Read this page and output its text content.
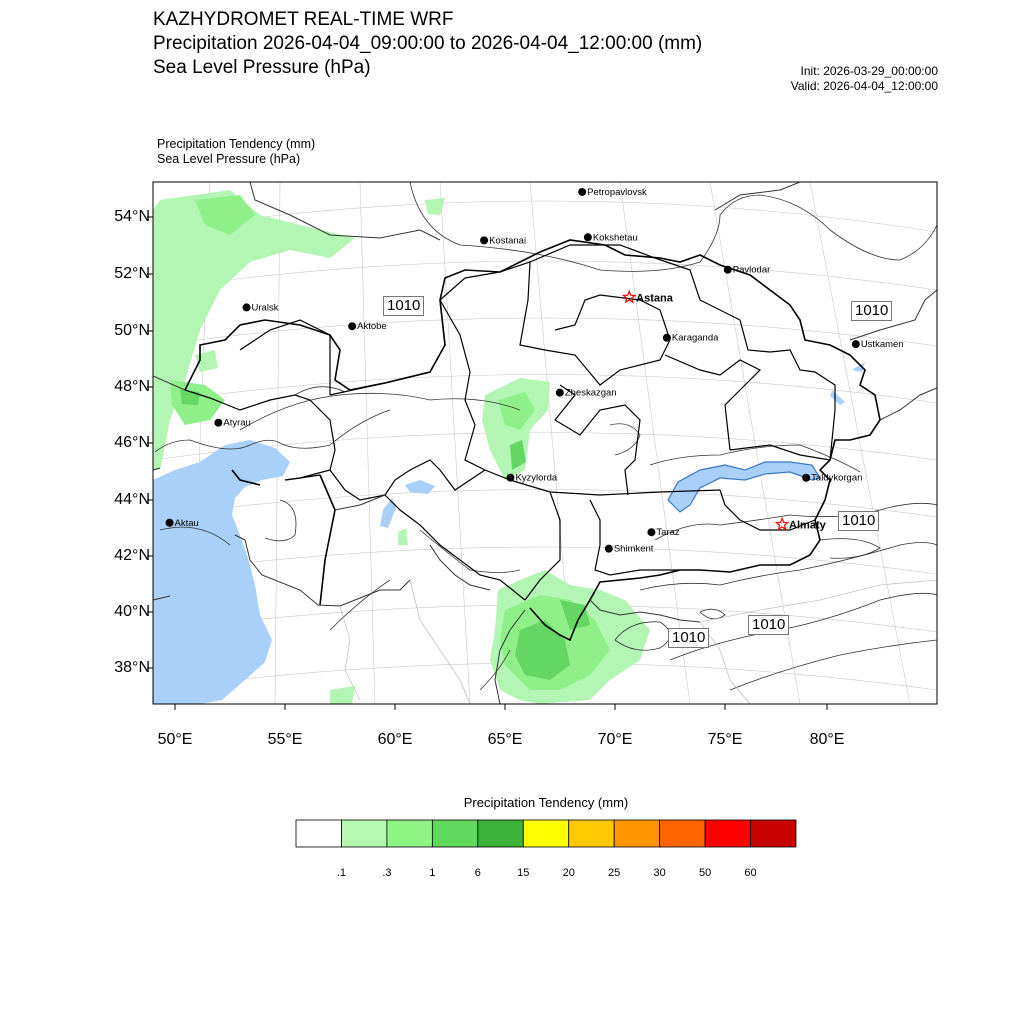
KAZHYDROMET REAL-TIME WRF
Precipitation 2026-04-04_09:00:00 to 2026-04-04_12:00:00 (mm)
Sea Level Pressure (hPa)	Init: 2026-03-29_00:00:00
Valid: 2026-04-04_12:00:00
Precipitation Tendency (mm)
Sea Level Pressure (hPa)
Petropavlovsk
Kostanai	Kokshetau
Pavlodar
Uralsk
Aktobe
Ustkamen
Karaganda
Atyrau
Zheskazgan
Aktau
Kyzylorda	Taldykorgan
Taraz
Shimkent
Astana
Almaty
54°N
52°N
50°N
48°N
46°N
44°N
42°N
40°N
38°N
50°E	55°E	60°E	65°E	70°E	75°E	80°E
1010	1010
1010
1010
1010
Precipitation Tendency (mm)
.1	.3	1	6	15	20	25	30	50	60
